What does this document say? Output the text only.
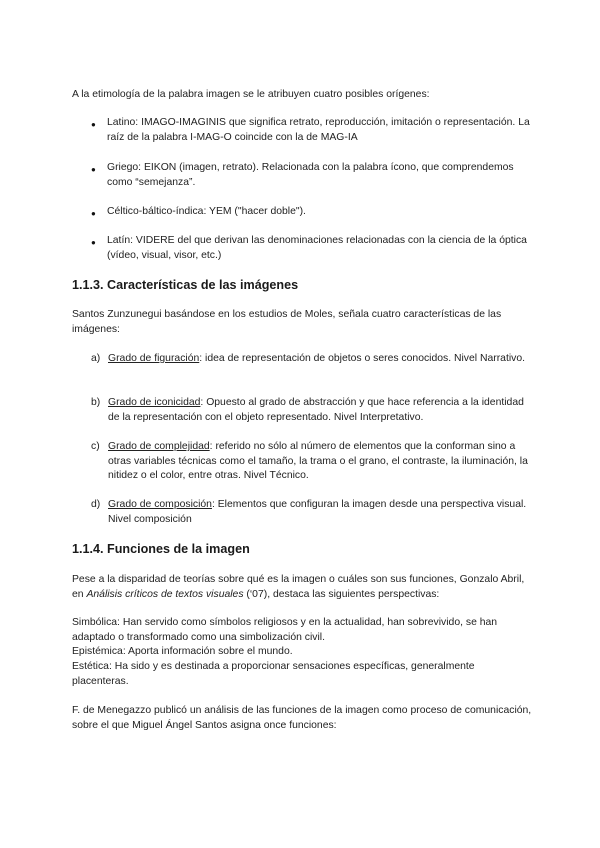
A la etimología de la palabra imagen se le atribuyen cuatro posibles orígenes:

●	Latino: IMAGO-IMAGINIS que significa retrato, reproducción, imitación o representación. La raíz de la palabra I-MAG-O coincide con la de MAG-IA

●	Griego: EIKON (imagen, retrato). Relacionada con la palabra ícono, que comprendemos como “semejanza”.

●	Céltico-báltico-índica: YEM ("hacer doble").

●	Latín: VIDERE del que derivan las denominaciones relacionadas con la ciencia de la óptica (vídeo, visual, visor, etc.)

1.1.3. Características de las imágenes

Santos Zunzunegui basándose en los estudios de Moles, señala cuatro características de las imágenes:

a) Grado de figuración: idea de representación de objetos o seres conocidos. Nivel Narrativo.

b) Grado de iconicidad: Opuesto al grado de abstracción y que hace referencia a la identidad de la representación con el objeto representado. Nivel Interpretativo.

c) Grado de complejidad: referido no sólo al número de elementos que la conforman sino a otras variables técnicas como el tamaño, la trama o el grano, el contraste, la iluminación, la nitidez o el color, entre otras. Nivel Técnico.

d) Grado de composición: Elementos que configuran la imagen desde una perspectiva visual. Nivel composición

1.1.4. Funciones de la imagen

Pese a la disparidad de teorías sobre qué es la imagen o cuáles son sus funciones, Gonzalo Abril, en Análisis críticos de textos visuales (‘07), destaca las siguientes perspectivas:

Simbólica: Han servido como símbolos religiosos y en la actualidad, han sobrevivido, se han adaptado o transformado como una simbolización civil.

Epistémica: Aporta información sobre el mundo.

Estética: Ha sido y es destinada a proporcionar sensaciones específicas, generalmente placenteras.

F. de Menegazzo publicó un análisis de las funciones de la imagen como proceso de comunicación, sobre el que Miguel Ángel Santos asigna once funciones:
